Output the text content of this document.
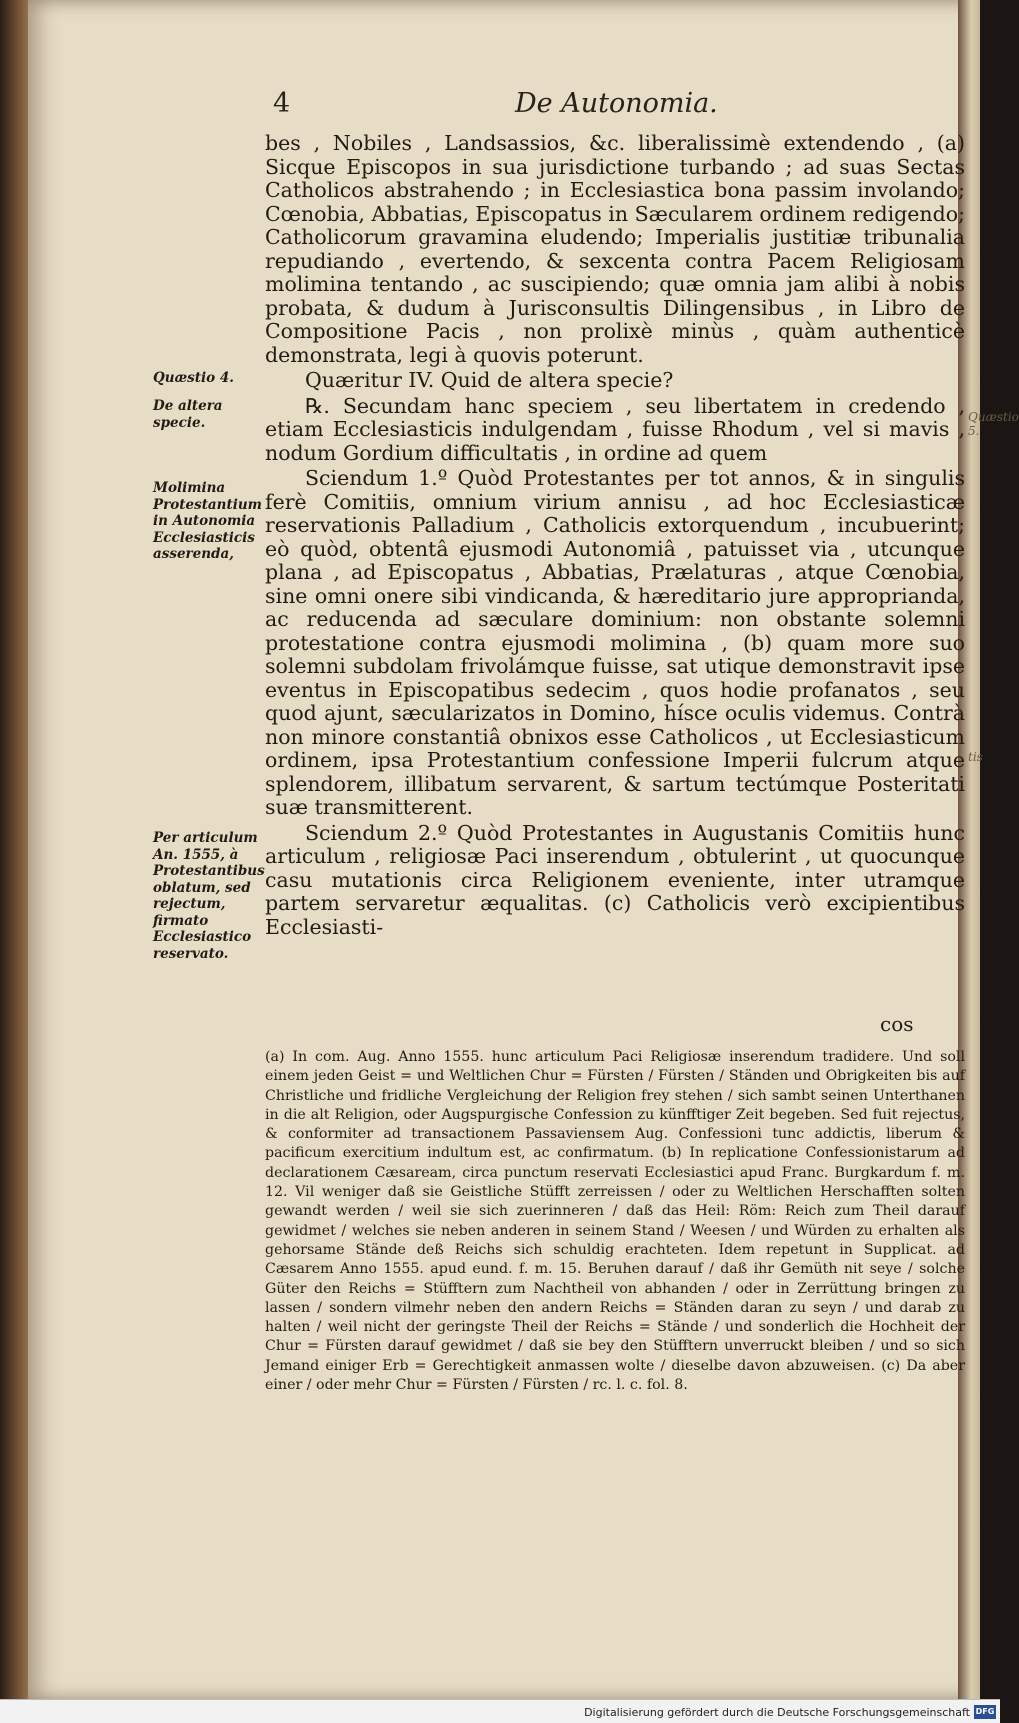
4	De Autonomia.

bes , Nobiles , Landsassios, &c. liberalissimè extendendo , (a) Sicque Episcopos in sua jurisdictione turbando ; ad suas Sectas Catholicos abstrahendo ; in Ecclesiastica bona passim involando; Cœnobia, Abbatias, Episcopatus in Sæcularem ordinem redigendo; Catholicorum gravamina eludendo; Imperialis justitiæ tribunalia repudiando , evertendo, & sexcenta contra Pacem Religiosam molimina tentando , ac suscipiendo; quæ omnia jam alibi à nobis probata, & dudum à Jurisconsultis Dilingensibus , in Libro de Compositione Pacis , non prolixè minùs , quàm authenticè demonstrata, legi à quovis poterunt.

Quæritur IV. Quid de altera specie?

℞. Secundam hanc speciem , seu libertatem in credendo , etiam Ecclesiasticis indulgendam , fuisse Rhodum , vel si mavis , nodum Gordium difficultatis , in ordine ad quem

Sciendum 1.º Quòd Protestantes per tot annos, & in singulis ferè Comitiis, omnium virium annisu , ad hoc Ecclesiasticæ reservationis Palladium , Catholicis extorquendum , incubuerint; eò quòd, obtentâ ejusmodi Autonomiâ , patuisset via , utcunque plana , ad Episcopatus , Abbatias, Prælaturas , atque Cœnobia, sine omni onere sibi vindicanda, & hæreditario jure approprianda, ac reducenda ad sæculare dominium: non obstante solemni protestatione contra ejusmodi molimina , (b) quam more suo solemni subdolam frivolámque fuisse, sat utique demonstravit ipse eventus in Episcopatibus sedecim , quos hodie profanatos , seu quod ajunt, sæcularizatos in Domino, hísce oculis videmus. Contrà non minore constantiâ obnixos esse Catholicos , ut Ecclesiasticum ordinem, ipsa Protestantium confessione Imperii fulcrum atque splendorem, illibatum servarent, & sartum tectúmque Posteritati suæ transmitterent.

Sciendum 2.º Quòd Protestantes in Augustanis Comitiis hunc articulum , religiosæ Paci inserendum , obtulerint , ut quocunque casu mutationis circa Religionem eveniente, inter utramque partem servaretur æqualitas. (c) Catholicis verò excipientibus Ecclesiasti-

cos
Quæstio 4.
De altera specie.
Molimina Protestantium in Autonomia Ecclesiasticis asserenda,
Per articulum An. 1555, à Protestantibus oblatum, sed rejectum, firmato Ecclesiastico reservato.
Quæstio 5.
tis

(a) In com. Aug. Anno 1555. hunc articulum Paci Religiosæ inserendum tradidere. Und soll einem jeden Geist = und Weltlichen Chur = Fürsten / Fürsten / Ständen und Obrigkeiten bis auf Christliche und fridliche Vergleichung der Religion frey stehen / sich sambt seinen Unterthanen in die alt Religion, oder Augspurgische Confession zu künfftiger Zeit begeben. Sed fuit rejectus, & conformiter ad transactionem Passaviensem Aug. Confessioni tunc addictis, liberum & pacificum exercitium indultum est, ac confirmatum. (b) In replicatione Confessionistarum ad declarationem Cæsaream, circa punctum reservati Ecclesiastici apud Franc. Burgkardum f. m. 12. Vil weniger daß sie Geistliche Stüfft zerreissen / oder zu Weltlichen Herschafften solten gewandt werden / weil sie sich zuerinneren / daß das Heil: Röm: Reich zum Theil darauf gewidmet / welches sie neben anderen in seinem Stand / Weesen / und Würden zu erhalten als gehorsame Stände deß Reichs sich schuldig erachteten. Idem repetunt in Supplicat. ad Cæsarem Anno 1555. apud eund. f. m. 15. Beruhen darauf / daß ihr Gemüth nit seye / solche Güter den Reichs = Stüfftern zum Nachtheil von abhanden / oder in Zerrüttung bringen zu lassen / sondern vilmehr neben den andern Reichs = Ständen daran zu seyn / und darab zu halten / weil nicht der geringste Theil der Reichs = Stände / und sonderlich die Hochheit der Chur = Fürsten darauf gewidmet / daß sie bey den Stüfftern unverruckt bleiben / und so sich Jemand einiger Erb = Gerechtigkeit anmassen wolte / dieselbe davon abzuweisen. (c) Da aber einer / oder mehr Chur = Fürsten / Fürsten / rc. l. c. fol. 8.

Digitalisierung gefördert durch die Deutsche Forschungsgemeinschaft DFG
